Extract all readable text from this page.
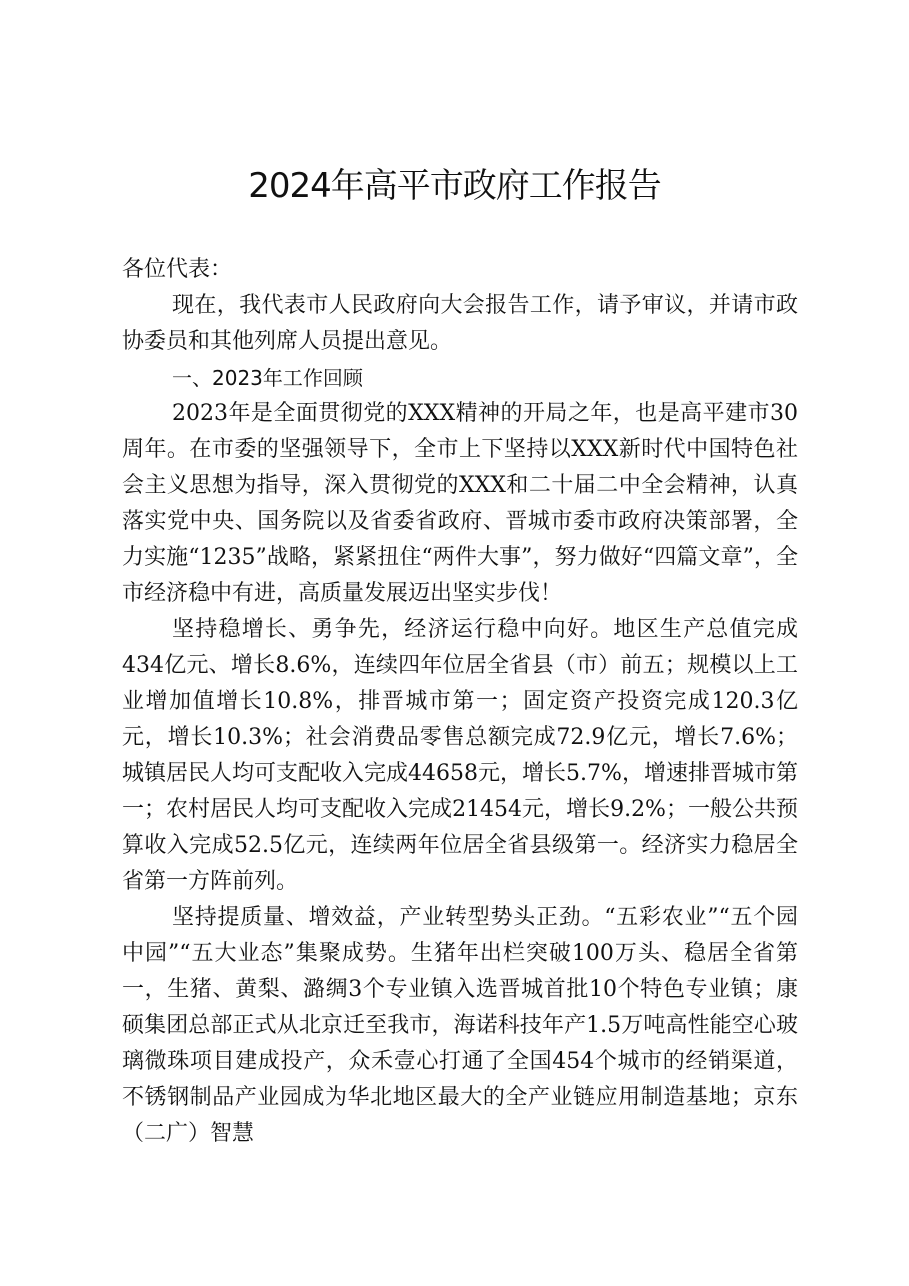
2024年高平市政府工作报告

各位代表：

现在，我代表市人民政府向大会报告工作，请予审议，并请市政协委员和其他列席人员提出意见。

一、2023年工作回顾

2023年是全面贯彻党的XXX精神的开局之年，也是高平建市30周年。在市委的坚强领导下，全市上下坚持以XXX新时代中国特色社会主义思想为指导，深入贯彻党的XXX和二十届二中全会精神，认真落实党中央、国务院以及省委省政府、晋城市委市政府决策部署，全力实施“1235”战略，紧紧扭住“两件大事”，努力做好“四篇文章”，全市经济稳中有进，高质量发展迈出坚实步伐！

坚持稳增长、勇争先，经济运行稳中向好。地区生产总值完成434亿元、增长8.6%，连续四年位居全省县（市）前五；规模以上工业增加值增长10.8%，排晋城市第一；固定资产投资完成120.3亿元，增长10.3%；社会消费品零售总额完成72.9亿元，增长7.6%；城镇居民人均可支配收入完成44658元，增长5.7%，增速排晋城市第一；农村居民人均可支配收入完成21454元，增长9.2%；一般公共预算收入完成52.5亿元，连续两年位居全省县级第一。经济实力稳居全省第一方阵前列。

坚持提质量、增效益，产业转型势头正劲。“五彩农业”“五个园中园”“五大业态”集聚成势。生猪年出栏突破100万头、稳居全省第一，生猪、黄梨、潞绸3个专业镇入选晋城首批10个特色专业镇；康硕集团总部正式从北京迁至我市，海诺科技年产1.5万吨高性能空心玻璃微珠项目建成投产，众禾壹心打通了全国454个城市的经销渠道，不锈钢制品产业园成为华北地区最大的全产业链应用制造基地；京东（二广）智慧
